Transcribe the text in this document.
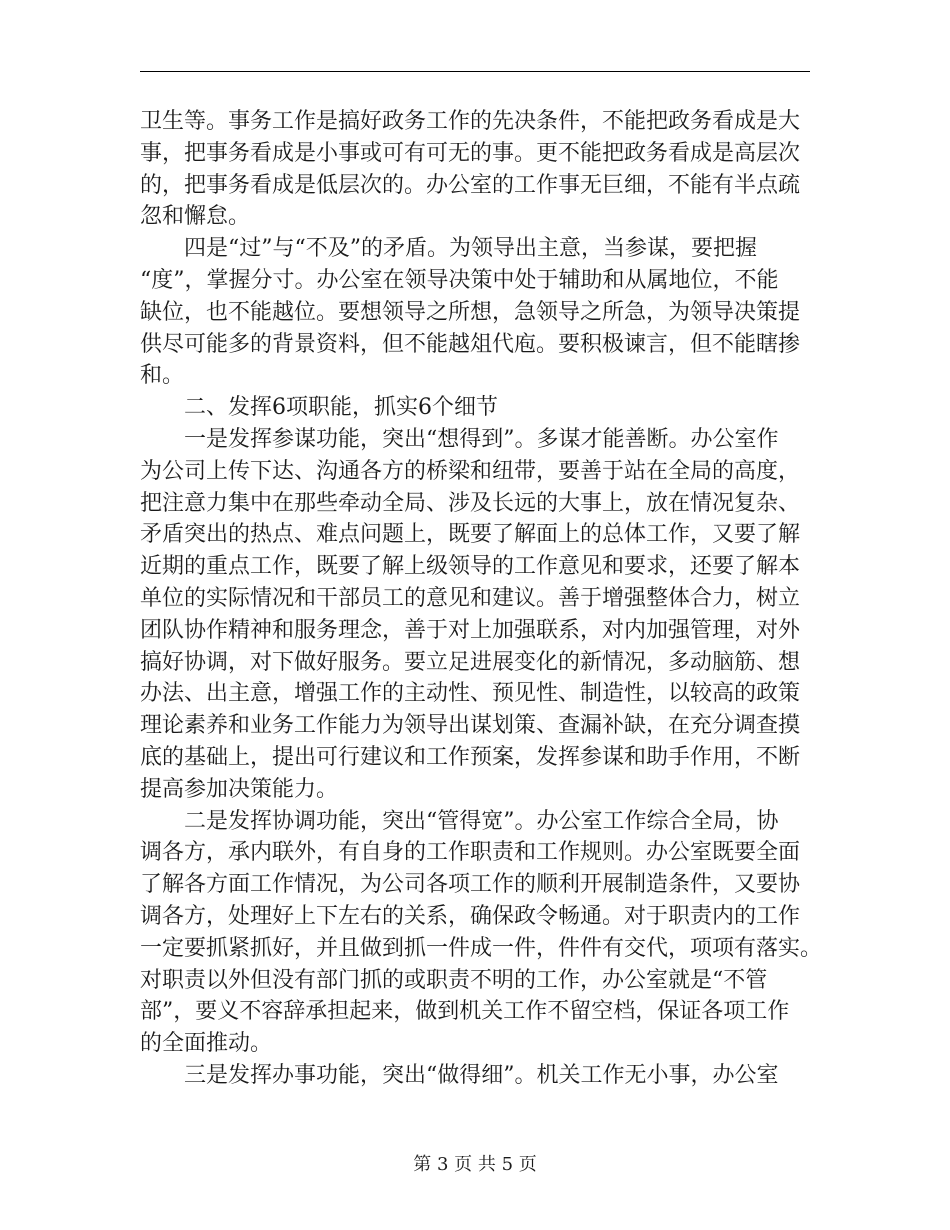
卫生等。事务工作是搞好政务工作的先决条件，不能把政务看成是大
事，把事务看成是小事或可有可无的事。更不能把政务看成是高层次
的，把事务看成是低层次的。办公室的工作事无巨细，不能有半点疏
忽和懈怠。
四是“过”与“不及”的矛盾。为领导出主意，当参谋，要把握
“度”，掌握分寸。办公室在领导决策中处于辅助和从属地位，不能
缺位，也不能越位。要想领导之所想，急领导之所急，为领导决策提
供尽可能多的背景资料，但不能越俎代庖。要积极谏言，但不能瞎掺
和。
二、发挥6项职能，抓实6个细节
一是发挥参谋功能，突出“想得到”。多谋才能善断。办公室作
为公司上传下达、沟通各方的桥梁和纽带，要善于站在全局的高度，
把注意力集中在那些牵动全局、涉及长远的大事上，放在情况复杂、
矛盾突出的热点、难点问题上，既要了解面上的总体工作，又要了解
近期的重点工作，既要了解上级领导的工作意见和要求，还要了解本
单位的实际情况和干部员工的意见和建议。善于增强整体合力，树立
团队协作精神和服务理念，善于对上加强联系，对内加强管理，对外
搞好协调，对下做好服务。要立足进展变化的新情况，多动脑筋、想
办法、出主意，增强工作的主动性、预见性、制造性，以较高的政策
理论素养和业务工作能力为领导出谋划策、查漏补缺，在充分调查摸
底的基础上，提出可行建议和工作预案，发挥参谋和助手作用，不断
提高参加决策能力。
二是发挥协调功能，突出“管得宽”。办公室工作综合全局，协
调各方，承内联外，有自身的工作职责和工作规则。办公室既要全面
了解各方面工作情况，为公司各项工作的顺利开展制造条件，又要协
调各方，处理好上下左右的关系，确保政令畅通。对于职责内的工作
一定要抓紧抓好，并且做到抓一件成一件，件件有交代，项项有落实。
对职责以外但没有部门抓的或职责不明的工作，办公室就是“不管
部”，要义不容辞承担起来，做到机关工作不留空档，保证各项工作
的全面推动。
三是发挥办事功能，突出“做得细”。机关工作无小事，办公室
第 3 页 共 5 页
